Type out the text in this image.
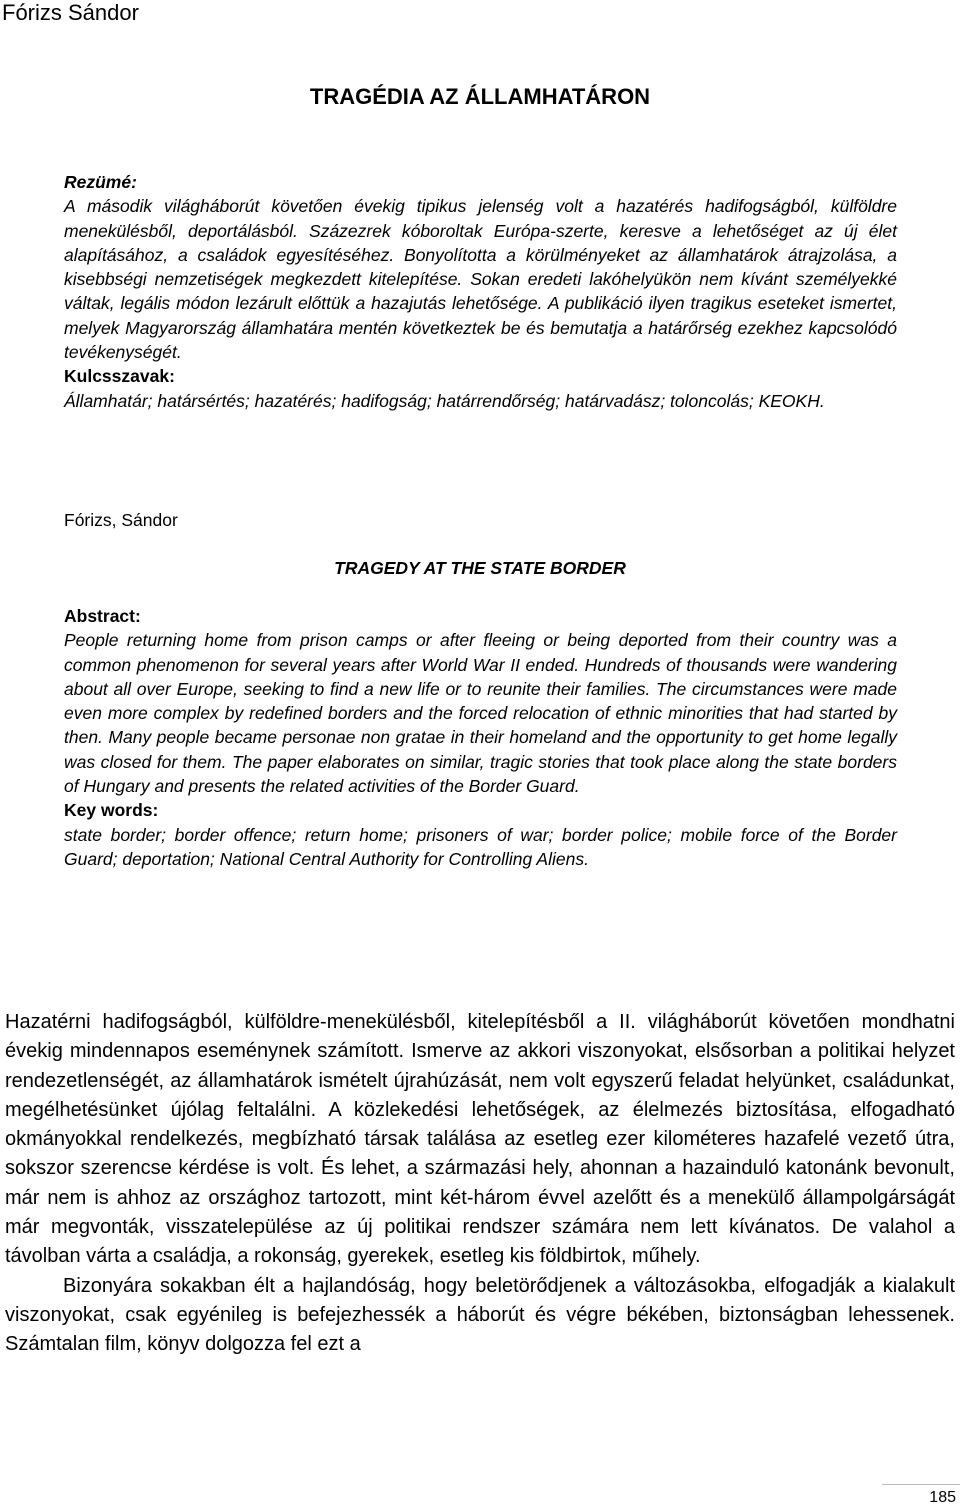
Fórizs Sándor
TRAGÉDIA AZ ÁLLAMHATÁRON
Rezümé:

A második világháborút követően évekig tipikus jelenség volt a hazatérés hadifogságból, külföldre menekülésből, deportálásból. Százezrek kóboroltak Európa-szerte, keresve a lehetőséget az új élet alapításához, a családok egyesítéséhez. Bonyolította a körülményeket az államhatárok átrajzolása, a kisebbségi nemzetiségek megkezdett kitelepítése. Sokan eredeti lakóhelyükön nem kívánt személyekké váltak, legális módon lezárult előttük a hazajutás lehetősége. A publikáció ilyen tragikus eseteket ismertet, melyek Magyarország államhatára mentén következtek be és bemutatja a határőrség ezekhez kapcsolódó tevékenységét.

Kulcsszavak:

Államhatár; határsértés; hazatérés; hadifogság; határrendőrség; határvadász; toloncolás; KEOKH.

Fórizs, Sándor
TRAGEDY AT THE STATE BORDER
Abstract:

People returning home from prison camps or after fleeing or being deported from their country was a common phenomenon for several years after World War II ended. Hundreds of thousands were wandering about all over Europe, seeking to find a new life or to reunite their families. The circumstances were made even more complex by redefined borders and the forced relocation of ethnic minorities that had started by then. Many people became personae non gratae in their homeland and the opportunity to get home legally was closed for them. The paper elaborates on similar, tragic stories that took place along the state borders of Hungary and presents the related activities of the Border Guard.

Key words:

state border; border offence; return home; prisoners of war; border police; mobile force of the Border Guard; deportation; National Central Authority for Controlling Aliens.

Hazatérni hadifogságból, külföldre-menekülésből, kitelepítésből a II. világháborút követően mondhatni évekig mindennapos eseménynek számított. Ismerve az akkori viszonyokat, elsősorban a politikai helyzet rendezetlenségét, az államhatárok ismételt újrahúzását, nem volt egyszerű feladat helyünket, családunkat, megélhetésünket újólag feltalálni. A közlekedési lehetőségek, az élelmezés biztosítása, elfogadható okmányokkal rendelkezés, megbízható társak találása az esetleg ezer kilométeres hazafelé vezető útra, sokszor szerencse kérdése is volt. És lehet, a származási hely, ahonnan a hazainduló katonánk bevonult, már nem is ahhoz az országhoz tartozott, mint két-három évvel azelőtt és a menekülő állampolgárságát már megvonták, visszatelepülése az új politikai rendszer számára nem lett kívánatos. De valahol a távolban várta a családja, a rokonság, gyerekek, esetleg kis földbirtok, műhely.

Bizonyára sokakban élt a hajlandóság, hogy beletörődjenek a változásokba, elfogadják a kialakult viszonyokat, csak egyénileg is befejezhessék a háborút és végre békében, biztonságban lehessenek. Számtalan film, könyv dolgozza fel ezt a

185
